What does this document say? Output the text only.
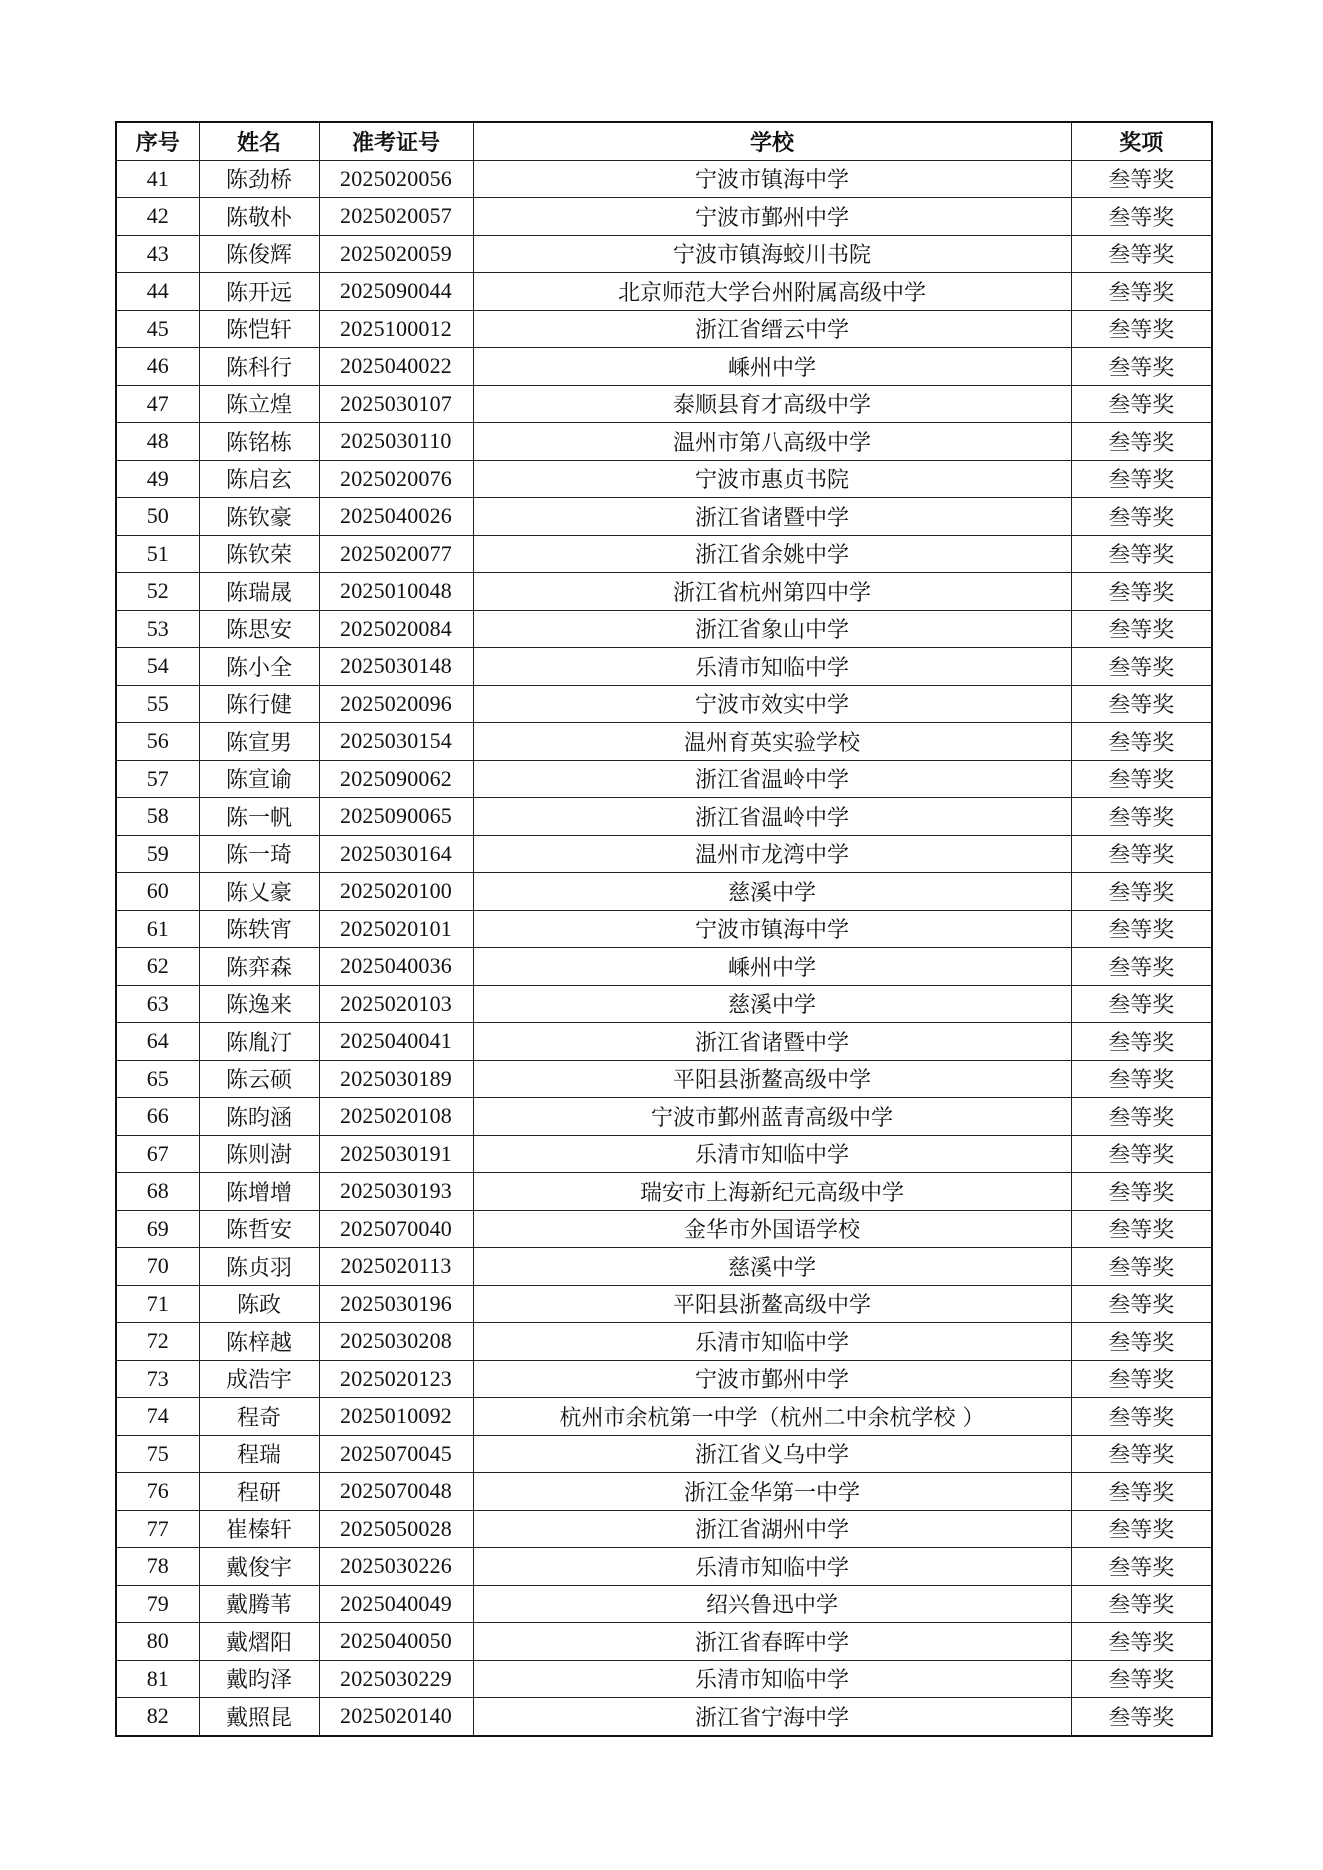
序号	姓名	准考证号	学校	奖项
41	陈劲桥	2025020056	宁波市镇海中学	叁等奖
42	陈敬朴	2025020057	宁波市鄞州中学	叁等奖
43	陈俊辉	2025020059	宁波市镇海蛟川书院	叁等奖
44	陈开远	2025090044	北京师范大学台州附属高级中学	叁等奖
45	陈恺轩	2025100012	浙江省缙云中学	叁等奖
46	陈科行	2025040022	嵊州中学	叁等奖
47	陈立煌	2025030107	泰顺县育才高级中学	叁等奖
48	陈铭栋	2025030110	温州市第八高级中学	叁等奖
49	陈启玄	2025020076	宁波市惠贞书院	叁等奖
50	陈钦豪	2025040026	浙江省诸暨中学	叁等奖
51	陈钦荣	2025020077	浙江省余姚中学	叁等奖
52	陈瑞晟	2025010048	浙江省杭州第四中学	叁等奖
53	陈思安	2025020084	浙江省象山中学	叁等奖
54	陈小全	2025030148	乐清市知临中学	叁等奖
55	陈行健	2025020096	宁波市效实中学	叁等奖
56	陈宣男	2025030154	温州育英实验学校	叁等奖
57	陈宣谕	2025090062	浙江省温岭中学	叁等奖
58	陈一帆	2025090065	浙江省温岭中学	叁等奖
59	陈一琦	2025030164	温州市龙湾中学	叁等奖
60	陈乂豪	2025020100	慈溪中学	叁等奖
61	陈轶宵	2025020101	宁波市镇海中学	叁等奖
62	陈弈森	2025040036	嵊州中学	叁等奖
63	陈逸来	2025020103	慈溪中学	叁等奖
64	陈胤汀	2025040041	浙江省诸暨中学	叁等奖
65	陈云硕	2025030189	平阳县浙鳌高级中学	叁等奖
66	陈昀涵	2025020108	宁波市鄞州蓝青高级中学	叁等奖
67	陈则澍	2025030191	乐清市知临中学	叁等奖
68	陈增增	2025030193	瑞安市上海新纪元高级中学	叁等奖
69	陈哲安	2025070040	金华市外国语学校	叁等奖
70	陈贞羽	2025020113	慈溪中学	叁等奖
71	陈政	2025030196	平阳县浙鳌高级中学	叁等奖
72	陈梓越	2025030208	乐清市知临中学	叁等奖
73	成浩宇	2025020123	宁波市鄞州中学	叁等奖
74	程奇	2025010092	杭州市余杭第一中学（杭州二中余杭学校 ）	叁等奖
75	程瑞	2025070045	浙江省义乌中学	叁等奖
76	程研	2025070048	浙江金华第一中学	叁等奖
77	崔榛轩	2025050028	浙江省湖州中学	叁等奖
78	戴俊宇	2025030226	乐清市知临中学	叁等奖
79	戴腾苇	2025040049	绍兴鲁迅中学	叁等奖
80	戴熠阳	2025040050	浙江省春晖中学	叁等奖
81	戴昀泽	2025030229	乐清市知临中学	叁等奖
82	戴照昆	2025020140	浙江省宁海中学	叁等奖
